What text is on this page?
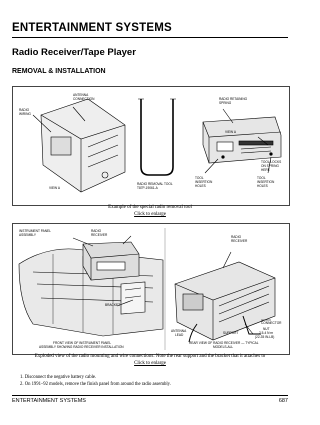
ENTERTAINMENT SYSTEMS
Radio Receiver/Tape Player
REMOVAL & INSTALLATION
ANTENNA
CONNECTION
RADIO
WIRING
VIEW A
RADIO REMOVAL TOOL
T87P-19061-A
RADIO RETAINING
SPRING
VIEW A
TOOL LOCKS
ON SPRING
HERE
TOOL
INSERTION
HOLES
TOOL
INSERTION
HOLES
Example of the special radio removal tool
Click to enlarge
INSTRUMENT PANEL
ASSEMBLY
RADIO
RECEIVER
BRACKET
FRONT VIEW OF INSTRUMENT PANEL
ASSEMBLY SHOWING RADIO RECEIVER INSTALLATION
RADIO
RECEIVER
CONNECTOR
ANTENNA
LEAD	SUPPORT
NUT
2.5-4 N·m
(22-35 IN-LB)
REAR VIEW OF RADIO RECEIVER — TYPICAL
MODELS-ALL
Exploded view of the radio mounting and wire connections. Note the rear support and the bracket that it attaches to
Click to enlarge
1. Disconnect the negative battery cable.
2. On 1991–92 models, remove the finish panel from around the radio assembly.
ENTERTAINMENT SYSTEMS	687
